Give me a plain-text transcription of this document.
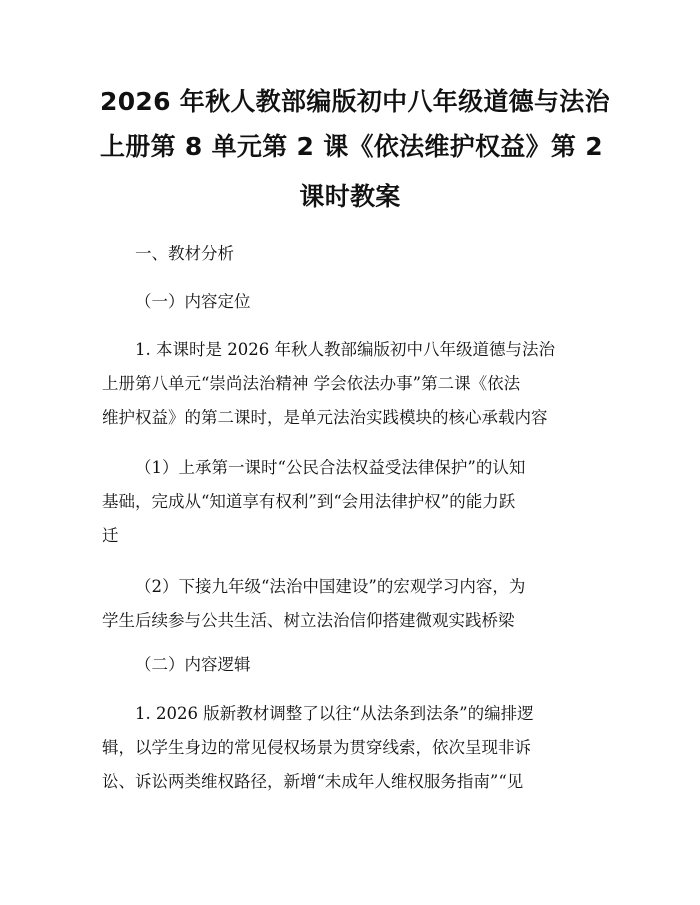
2026 年秋人教部编版初中八年级道德与法治
上册第 8 单元第 2 课《依法维护权益》第 2
课时教案
一、教材分析
（一）内容定位
1. 本课时是 2026 年秋人教部编版初中八年级道德与法治
上册第八单元“崇尚法治精神 学会依法办事”第二课《依法
维护权益》的第二课时，是单元法治实践模块的核心承载内容
（1）上承第一课时“公民合法权益受法律保护”的认知
基础，完成从“知道享有权利”到“会用法律护权”的能力跃
迁
（2）下接九年级“法治中国建设”的宏观学习内容，为
学生后续参与公共生活、树立法治信仰搭建微观实践桥梁
（二）内容逻辑
1. 2026 版新教材调整了以往“从法条到法条”的编排逻
辑，以学生身边的常见侵权场景为贯穿线索，依次呈现非诉
讼、诉讼两类维权路径，新增“未成年人维权服务指南”“见
